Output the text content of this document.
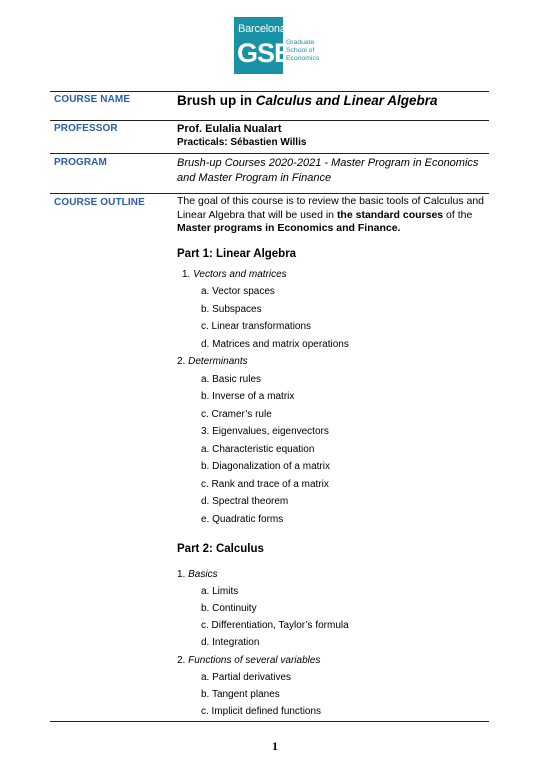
Barcelona
GSE
Graduate
School of
Economics
COURSE NAME	Brush up in Calculus and Linear Algebra
PROFESSOR	Prof. Eulalia Nualart
Practicals: Sébastien Willis
PROGRAM	Brush-up Courses 2020-2021 - Master Program in Economics and Master Program in Finance
COURSE OUTLINE	The goal of this course is to review the basic tools of Calculus and Linear Algebra that will be used in the standard courses of the Master programs in Economics and Finance.
Part 1: Linear Algebra
1. Vectors and matrices
a. Vector spaces
b. Subspaces
c. Linear transformations
d. Matrices and matrix operations
2. Determinants
a. Basic rules
b. Inverse of a matrix
c. Cramer’s rule
3. Eigenvalues, eigenvectors
a. Characteristic equation
b. Diagonalization of a matrix
c. Rank and trace of a matrix
d. Spectral theorem
e. Quadratic forms
Part 2: Calculus
1. Basics
a. Limits
b. Continuity
c. Differentiation, Taylor’s formula
d. Integration
2. Functions of several variables
a. Partial derivatives
b. Tangent planes
c. Implicit defined functions
1
